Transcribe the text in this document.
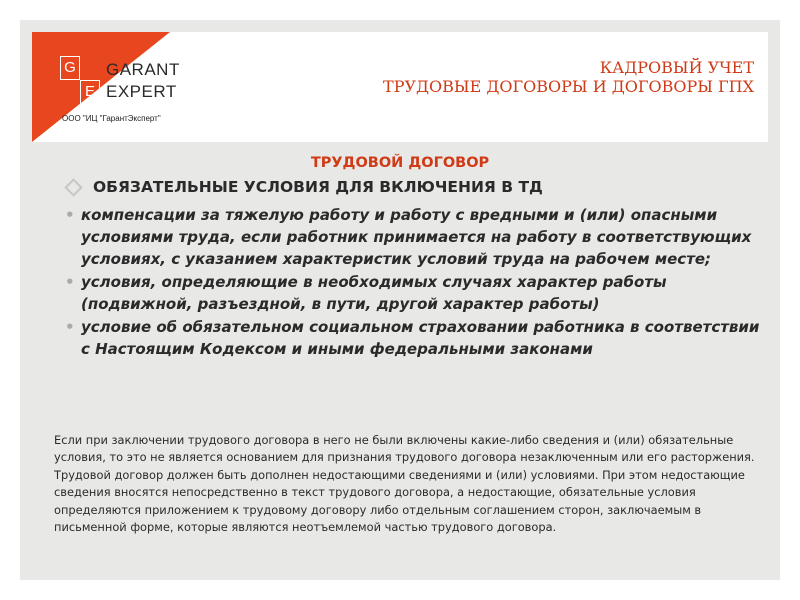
G
E
GARANT
EXPERT
ООО "ИЦ "ГарантЭксперт"
КАДРОВЫЙ УЧЕТ
ТРУДОВЫЕ ДОГОВОРЫ И ДОГОВОРЫ ГПХ
ТРУДОВОЙ ДОГОВОР
ОБЯЗАТЕЛЬНЫЕ УСЛОВИЯ ДЛЯ ВКЛЮЧЕНИЯ В ТД
• компенсации за тяжелую работу и работу с вредными и (или) опасными условиями труда, если работник принимается на работу в соответствующих условиях, с указанием характеристик условий труда на рабочем месте;
• условия, определяющие в необходимых случаях характер работы (подвижной, разъездной, в пути, другой характер работы)
• условие об обязательном социальном страховании работника в соответствии с Настоящим Кодексом и иными федеральными законами
Если при заключении трудового договора в него не были включены какие-либо сведения и (или) обязательные условия, то это не является основанием для признания трудового договора незаключенным или его расторжения. Трудовой договор должен быть дополнен недостающими сведениями и (или) условиями. При этом недостающие сведения вносятся непосредственно в текст трудового договора, а недостающие, обязательные условия определяются приложением к трудовому договору либо отдельным соглашением сторон, заключаемым в письменной форме, которые являются неотъемлемой частью трудового договора.
